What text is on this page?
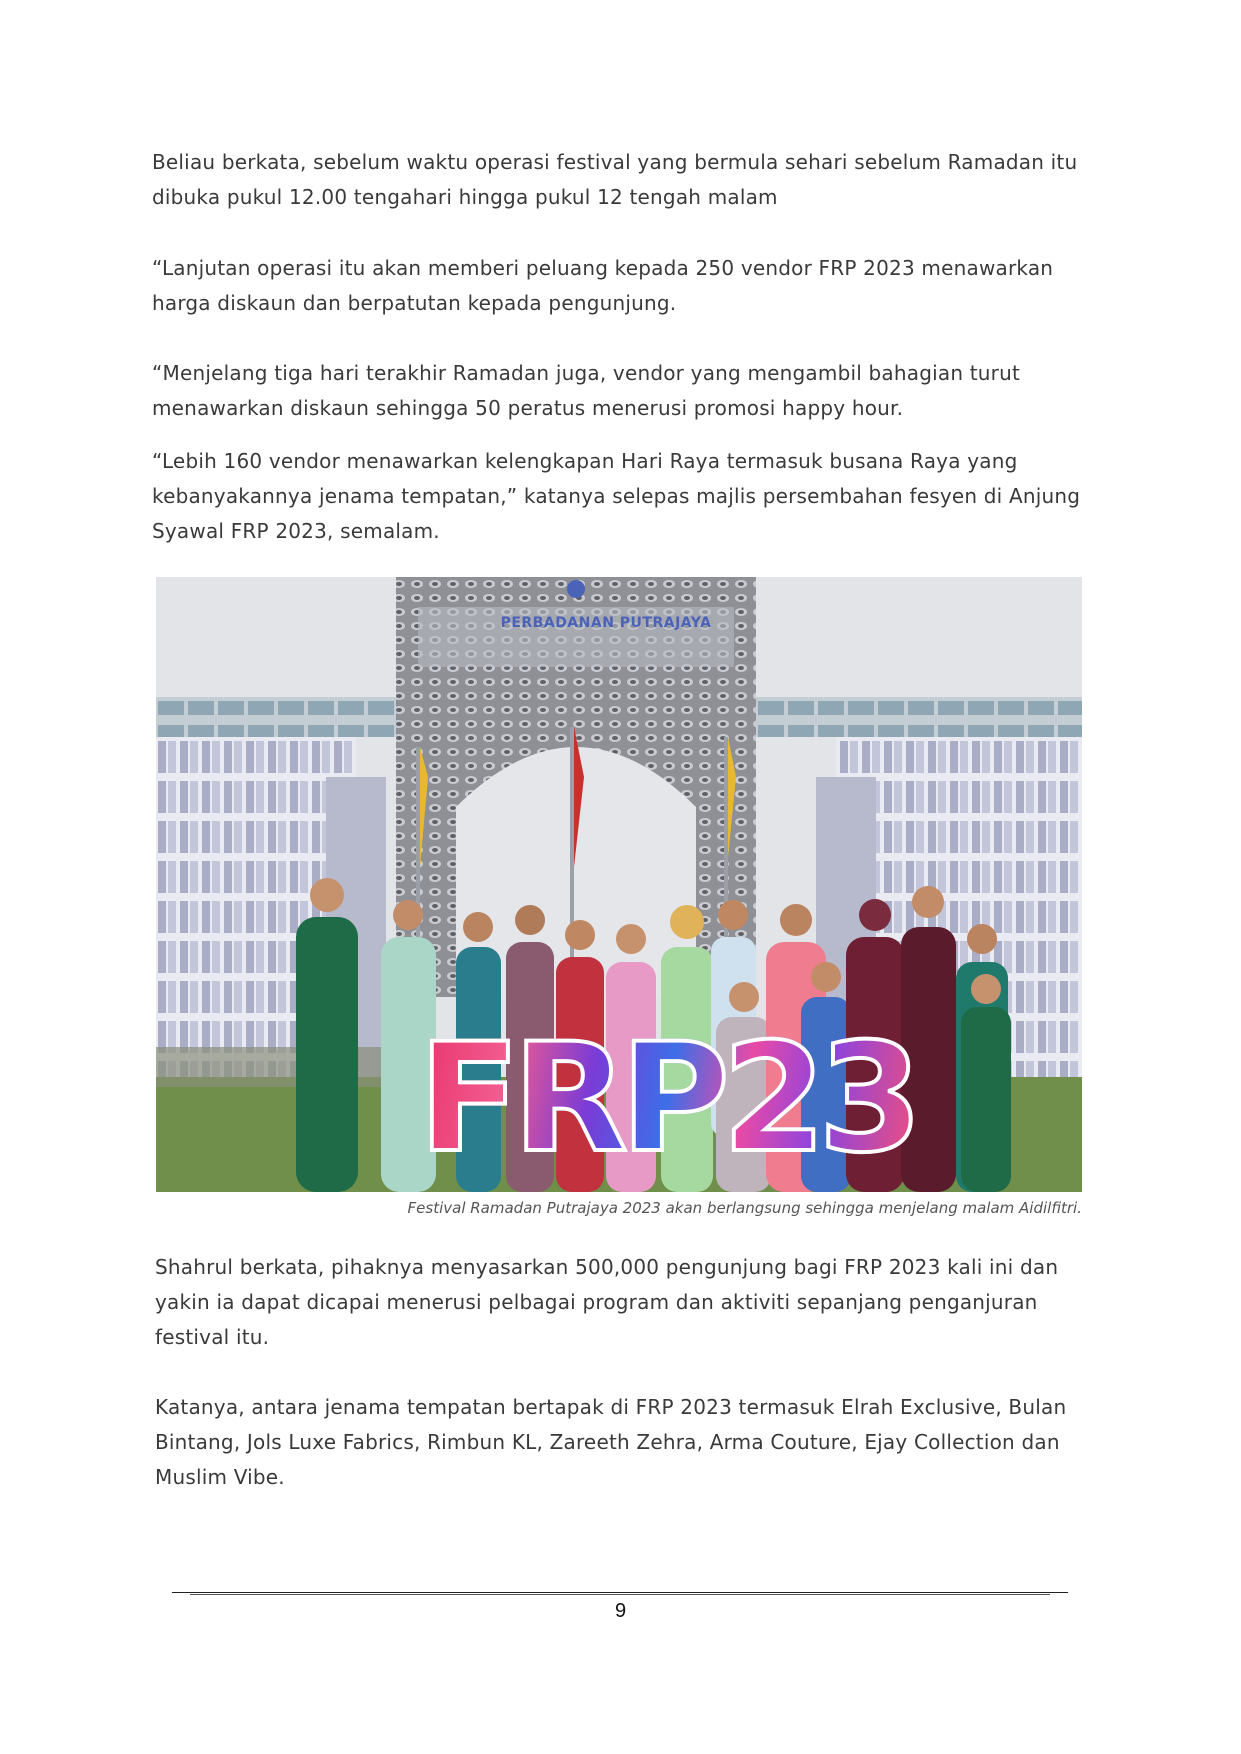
Beliau berkata, sebelum waktu operasi festival yang bermula sehari sebelum Ramadan itu dibuka pukul 12.00 tengahari hingga pukul 12 tengah malam

“Lanjutan operasi itu akan memberi peluang kepada 250 vendor FRP 2023 menawarkan harga diskaun dan berpatutan kepada pengunjung.

“Menjelang tiga hari terakhir Ramadan juga, vendor yang mengambil bahagian turut menawarkan diskaun sehingga 50 peratus menerusi promosi happy hour.

“Lebih 160 vendor menawarkan kelengkapan Hari Raya termasuk busana Raya yang kebanyakannya jenama tempatan,” katanya selepas majlis persembahan fesyen di Anjung Syawal FRP 2023, semalam.

PERBADANAN PUTRAJAYA
FRP23
Festival Ramadan Putrajaya 2023 akan berlangsung sehingga menjelang malam Aidilfitri.

Shahrul berkata, pihaknya menyasarkan 500,000 pengunjung bagi FRP 2023 kali ini dan yakin ia dapat dicapai menerusi pelbagai program dan aktiviti sepanjang penganjuran festival itu.

Katanya, antara jenama tempatan bertapak di FRP 2023 termasuk Elrah Exclusive, Bulan Bintang, Jols Luxe Fabrics, Rimbun KL, Zareeth Zehra, Arma Couture, Ejay Collection dan Muslim Vibe.

9
